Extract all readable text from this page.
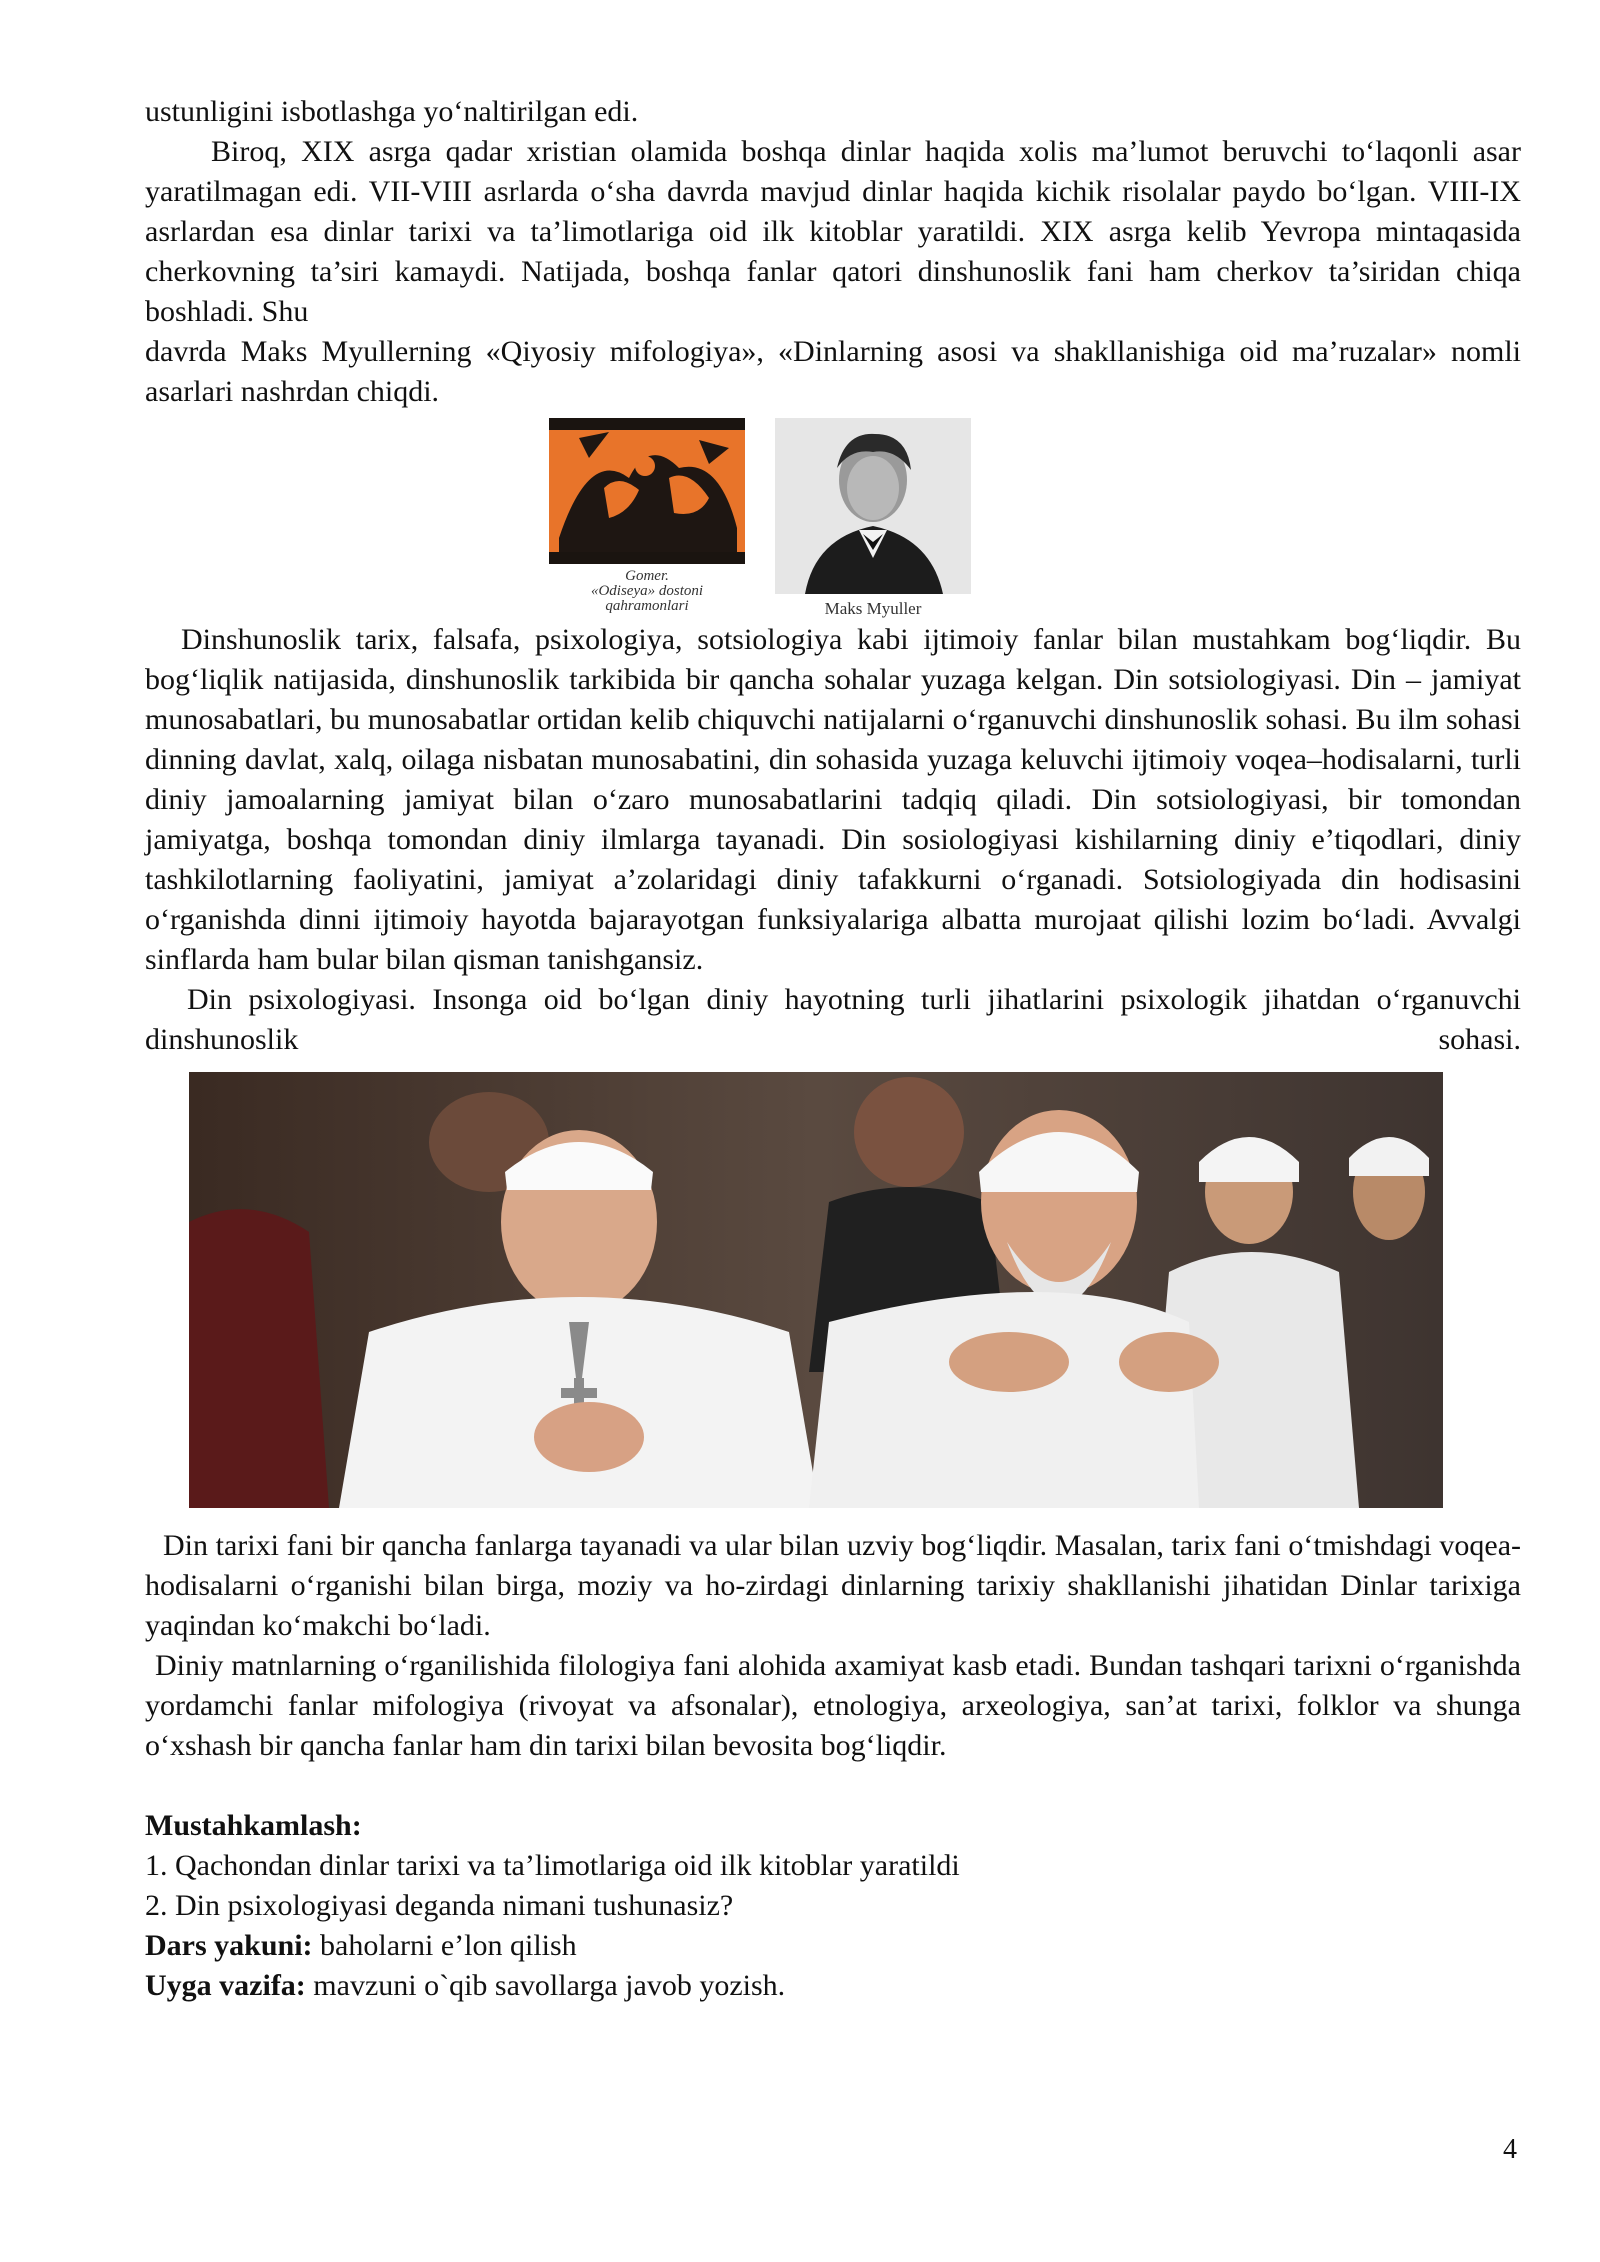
ustunligini isbotlashga yo‘naltirilgan edi.

Biroq, XIX asrga qadar xristian olamida boshqa dinlar haqida xolis ma’lumot beruvchi to‘laqonli asar yaratilmagan edi. VII-VIII asrlarda o‘sha davrda mavjud dinlar haqida kichik risolalar paydo bo‘lgan. VIII-IX asrlardan esa dinlar tarixi va ta’limotlariga oid ilk kitoblar yaratildi. XIX asrga kelib Yevropa mintaqasida cherkovning ta’siri kamaydi. Natijada, boshqa fanlar qatori dinshunoslik fani ham cherkov ta’siridan chiqa boshladi. Shu

davrda Maks Myullerning «Qiyosiy mifologiya», «Dinlarning asosi va shakllanishiga oid ma’ruzalar» nomli asarlari nashrdan chiqdi.

Gomer.
«Odiseya» dostoni
qahramonlari	Maks Myuller

Dinshunoslik tarix, falsafa, psixologiya, sotsiologiya kabi ijtimoiy fanlar bilan mustahkam bog‘liqdir. Bu bog‘liqlik natijasida, dinshunoslik tarkibida bir qancha sohalar yuzaga kelgan. Din sotsiologiyasi. Din – jamiyat munosabatlari, bu munosabatlar ortidan kelib chiquvchi natijalarni o‘rganuvchi dinshunoslik sohasi. Bu ilm sohasi dinning davlat, xalq, oilaga nisbatan munosabatini, din sohasida yuzaga keluvchi ijtimoiy voqea–hodisalarni, turli diniy jamoalarning jamiyat bilan o‘zaro munosabatlarini tadqiq qiladi. Din sotsiologiyasi, bir tomondan jamiyatga, boshqa tomondan diniy ilmlarga tayanadi. Din sosiologiyasi kishilarning diniy e’tiqodlari, diniy tashkilotlarning faoliyatini, jamiyat a’zolaridagi diniy tafakkurni o‘rganadi. Sotsiologiyada din hodisasini o‘rganishda dinni ijtimoiy hayotda bajarayotgan funksiyalariga albatta murojaat qilishi lozim bo‘ladi. Avvalgi sinflarda ham bular bilan qisman tanishgansiz.

Din psixologiyasi. Insonga oid bo‘lgan diniy hayotning turli jihatlarini psixologik jihatdan o‘rganuvchi dinshunoslik sohasi.

Din tarixi fani bir qancha fanlarga tayanadi va ular bilan uzviy bog‘liqdir. Masalan, tarix fani o‘tmishdagi voqea-hodisalarni o‘rganishi bilan birga, moziy va ho-zirdagi dinlarning tarixiy shakllanishi jihatidan Dinlar tarixiga yaqindan ko‘makchi bo‘ladi.

Diniy matnlarning o‘rganilishida filologiya fani alohida axamiyat kasb etadi. Bundan tashqari tarixni o‘rganishda yordamchi fanlar mifologiya (rivoyat va afsonalar), etnologiya, arxeologiya, san’at tarixi, folklor va shunga o‘xshash bir qancha fanlar ham din tarixi bilan bevosita bog‘liqdir.

Mustahkamlash:

1. Qachondan dinlar tarixi va ta’limotlariga oid ilk kitoblar yaratildi

2. Din psixologiyasi deganda nimani tushunasiz?

Dars yakuni: baholarni e’lon qilish

Uyga vazifa: mavzuni o`qib savollarga javob yozish.

4
